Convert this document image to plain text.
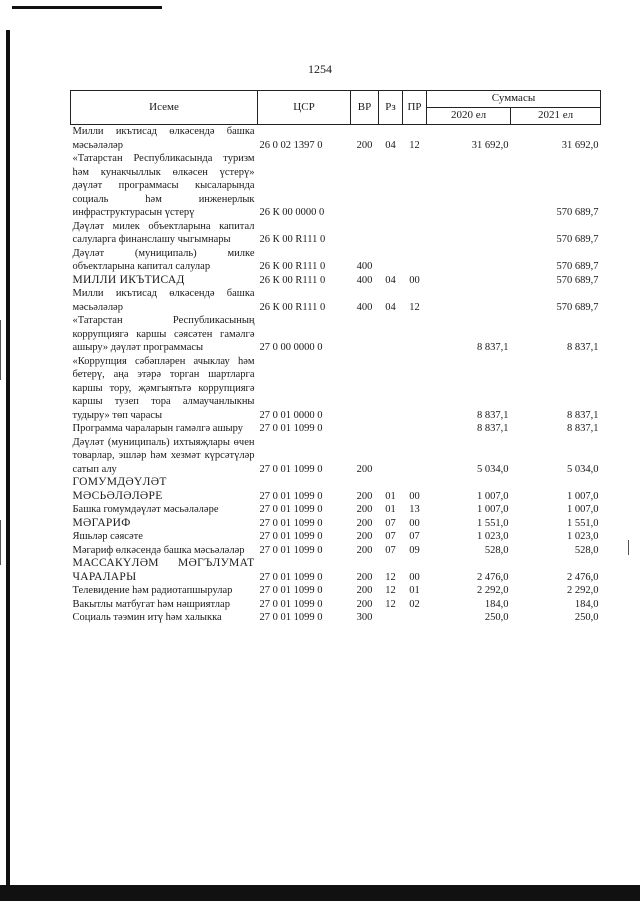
1254
Исеме	ЦСР	ВР	Рз	ПР	Суммасы	
					2020 ел	2021 ел
Милли икътисад өлкәсендә башка мәсьәләләр	26 0 02 1397 0	200	04	12	31 692,0	31 692,0
«Татарстан Республикасында туризм һәм кунакчыллык өлкәсен үстерү» дәүләт программасы кысаларында социаль һәм инженерлык инфраструктурасын үстерү	26 К 00 0000 0					570 689,7
Дәүләт милек объектларына капитал салуларга финанслашу чыгымнары	26 К 00 R111 0					570 689,7
Дәүләт (муниципаль) милке объектларына капитал салулар	26 К 00 R111 0	400				570 689,7
МИЛЛИ ИКЪТИСАД	26 К 00 R111 0	400	04	00		570 689,7
Милли икътисад өлкәсендә башка мәсьәләләр	26 К 00 R111 0	400	04	12		570 689,7
«Татарстан Республикасының коррупциягә каршы сәясәтен гамәлгә ашыру» дәүләт программасы	27 0 00 0000 0				8 837,1	8 837,1
«Коррупция сәбәпләрен ачыклау һәм бетерү, аңа этәрә торган шартларга каршы тору, җәмгыятьтә коррупциягә каршы тузеп тора алмаучанлыкны тудыру» төп чарасы	27 0 01 0000 0				8 837,1	8 837,1
Программа чараларын гамәлгә ашыру	27 0 01 1099 0				8 837,1	8 837,1
Дәүләт (муниципаль) ихтыяҗлары өчен товарлар, эшләр һәм хезмәт күрсәтүләр сатып алу	27 0 01 1099 0	200			5 034,0	5 034,0
ГОМУМДӘҮЛӘТ МӘСЬӘЛӘЛӘРЕ	27 0 01 1099 0	200	01	00	1 007,0	1 007,0
Башка гомумдәүләт мәсьәләләре	27 0 01 1099 0	200	01	13	1 007,0	1 007,0
МӘГАРИФ	27 0 01 1099 0	200	07	00	1 551,0	1 551,0
Яшьләр сәясәте	27 0 01 1099 0	200	07	07	1 023,0	1 023,0
Мәгариф өлкәсендә башка мәсьәләләр	27 0 01 1099 0	200	07	09	528,0	528,0
МАССАКҮЛӘМ МӘГЪЛУМАТ ЧАРАЛАРЫ	27 0 01 1099 0	200	12	00	2 476,0	2 476,0
Телевидение һәм радиотапшырулар	27 0 01 1099 0	200	12	01	2 292,0	2 292,0
Вакытлы матбугат һәм нәшриятлар	27 0 01 1099 0	200	12	02	184,0	184,0
Социаль тәэмин итү һәм халыкка	27 0 01 1099 0	300			250,0	250,0
